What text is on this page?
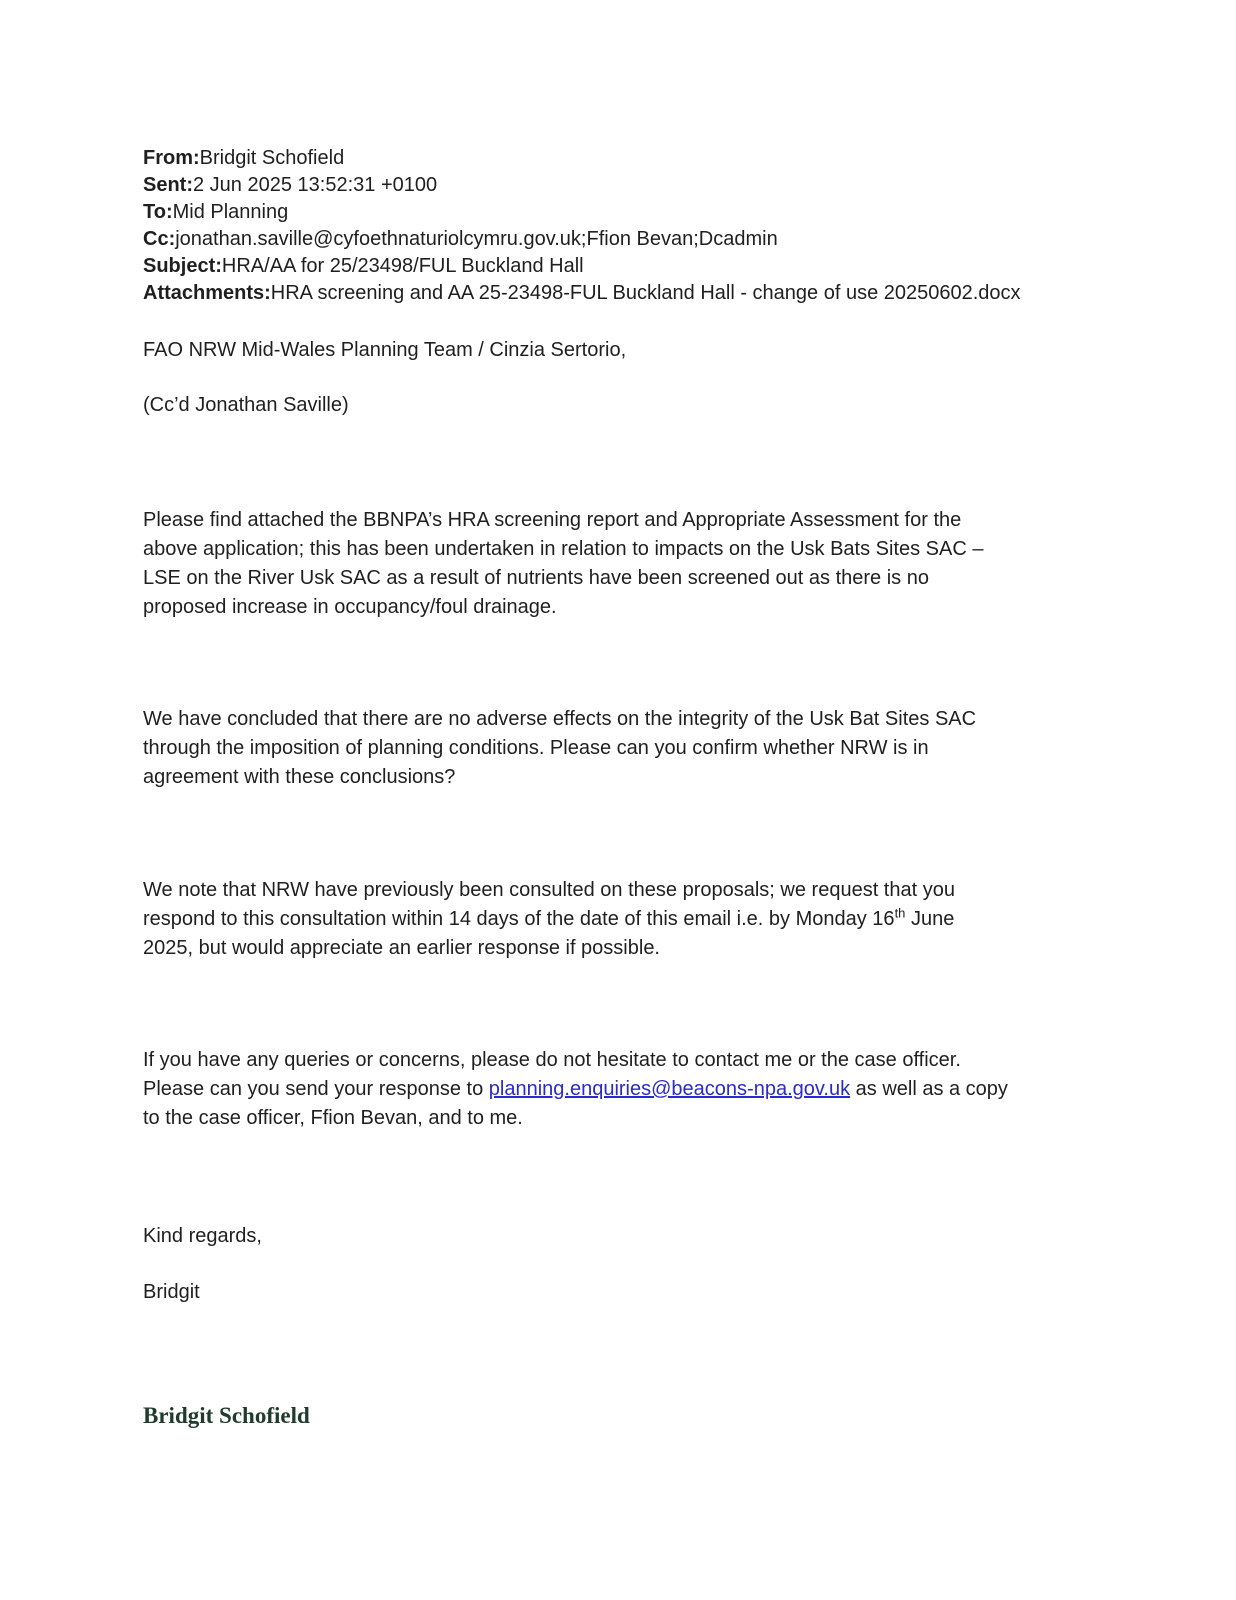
From:Bridgit Schofield

Sent:2 Jun 2025 13:52:31 +0100

To:Mid Planning

Cc:jonathan.saville@cyfoethnaturiolcymru.gov.uk;Ffion Bevan;Dcadmin

Subject:HRA/AA for 25/23498/FUL Buckland Hall

Attachments:HRA screening and AA 25-23498-FUL Buckland Hall - change of use 20250602.docx

FAO NRW Mid-Wales Planning Team / Cinzia Sertorio,

(Cc’d Jonathan Saville)

Please find attached the BBNPA’s HRA screening report and Appropriate Assessment for the

above application; this has been undertaken in relation to impacts on the Usk Bats Sites SAC –

LSE on the River Usk SAC as a result of nutrients have been screened out as there is no

proposed increase in occupancy/foul drainage.

We have concluded that there are no adverse effects on the integrity of the Usk Bat Sites SAC

through the imposition of planning conditions. Please can you confirm whether NRW is in

agreement with these conclusions?

We note that NRW have previously been consulted on these proposals; we request that you

respond to this consultation within 14 days of the date of this email i.e. by Monday 16th June

2025, but would appreciate an earlier response if possible.

If you have any queries or concerns, please do not hesitate to contact me or the case officer.

Please can you send your response to planning.enquiries@beacons-npa.gov.uk as well as a copy

to the case officer, Ffion Bevan, and to me.

Kind regards,

Bridgit

Bridgit Schofield
